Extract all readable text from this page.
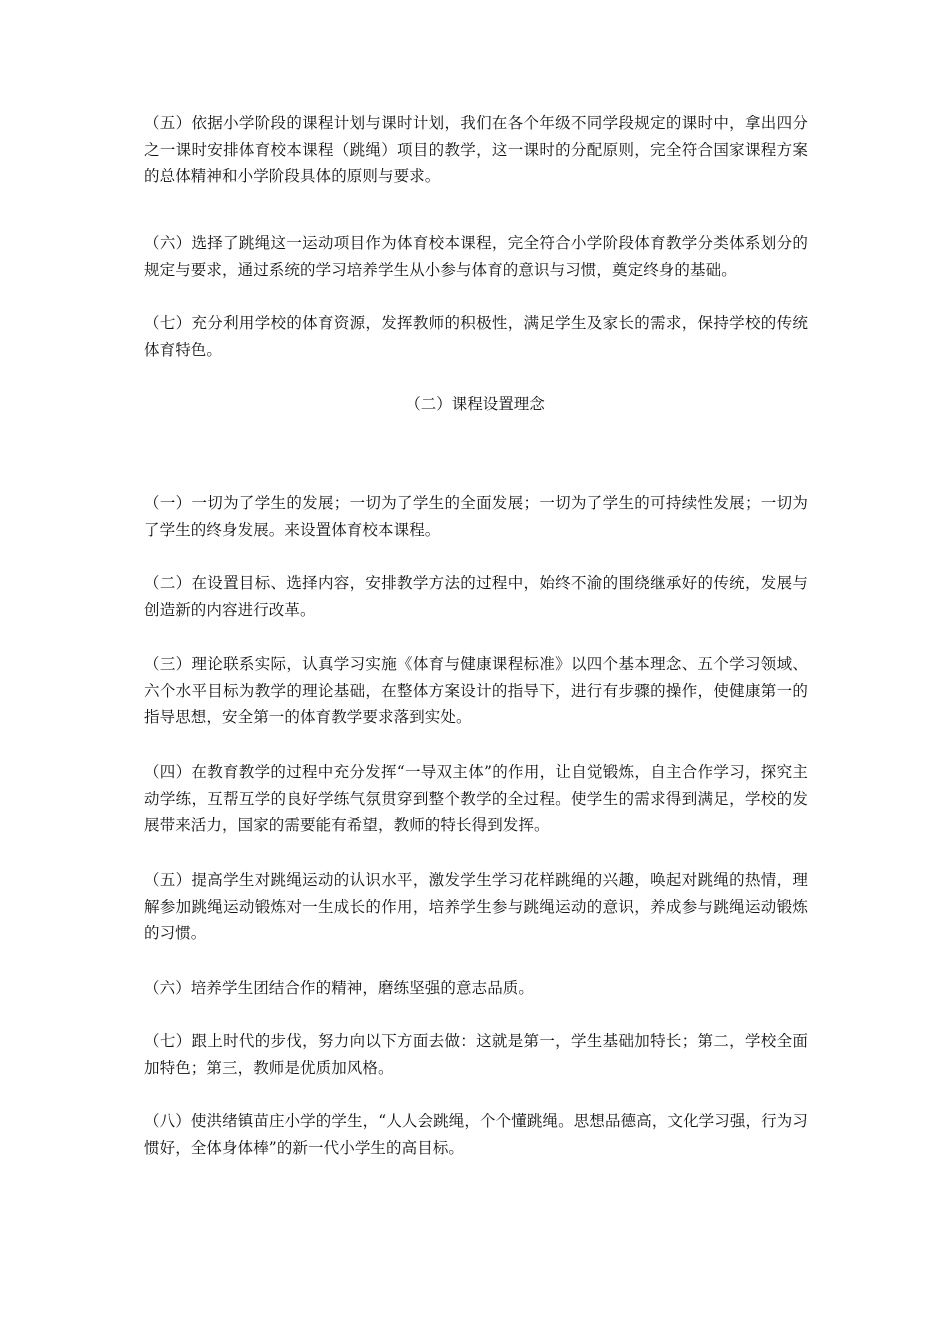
（五）依据小学阶段的课程计划与课时计划，我们在各个年级不同学段规定的课时中，拿出四分之一课时安排体育校本课程（跳绳）项目的教学，这一课时的分配原则，完全符合国家课程方案的总体精神和小学阶段具体的原则与要求。

（六）选择了跳绳这一运动项目作为体育校本课程，完全符合小学阶段体育教学分类体系划分的规定与要求，通过系统的学习培养学生从小参与体育的意识与习惯，奠定终身的基础。

（七）充分利用学校的体育资源，发挥教师的积极性，满足学生及家长的需求，保持学校的传统体育特色。

（二）课程设置理念

（一）一切为了学生的发展；一切为了学生的全面发展；一切为了学生的可持续性发展；一切为了学生的终身发展。来设置体育校本课程。

（二）在设置目标、选择内容，安排教学方法的过程中，始终不渝的围绕继承好的传统，发展与创造新的内容进行改革。

（三）理论联系实际，认真学习实施《体育与健康课程标准》以四个基本理念、五个学习领域、六个水平目标为教学的理论基础，在整体方案设计的指导下，进行有步骤的操作，使健康第一的指导思想，安全第一的体育教学要求落到实处。

（四）在教育教学的过程中充分发挥“一导双主体”的作用，让自觉锻炼，自主合作学习，探究主动学练，互帮互学的良好学练气氛贯穿到整个教学的全过程。使学生的需求得到满足，学校的发展带来活力，国家的需要能有希望，教师的特长得到发挥。

（五）提高学生对跳绳运动的认识水平，激发学生学习花样跳绳的兴趣，唤起对跳绳的热情，理解参加跳绳运动锻炼对一生成长的作用，培养学生参与跳绳运动的意识，养成参与跳绳运动锻炼的习惯。

（六）培养学生团结合作的精神，磨练坚强的意志品质。

（七）跟上时代的步伐，努力向以下方面去做：这就是第一，学生基础加特长；第二，学校全面加特色；第三，教师是优质加风格。

（八）使洪绪镇苗庄小学的学生，“人人会跳绳，个个懂跳绳。思想品德高，文化学习强，行为习惯好，全体身体棒”的新一代小学生的高目标。
